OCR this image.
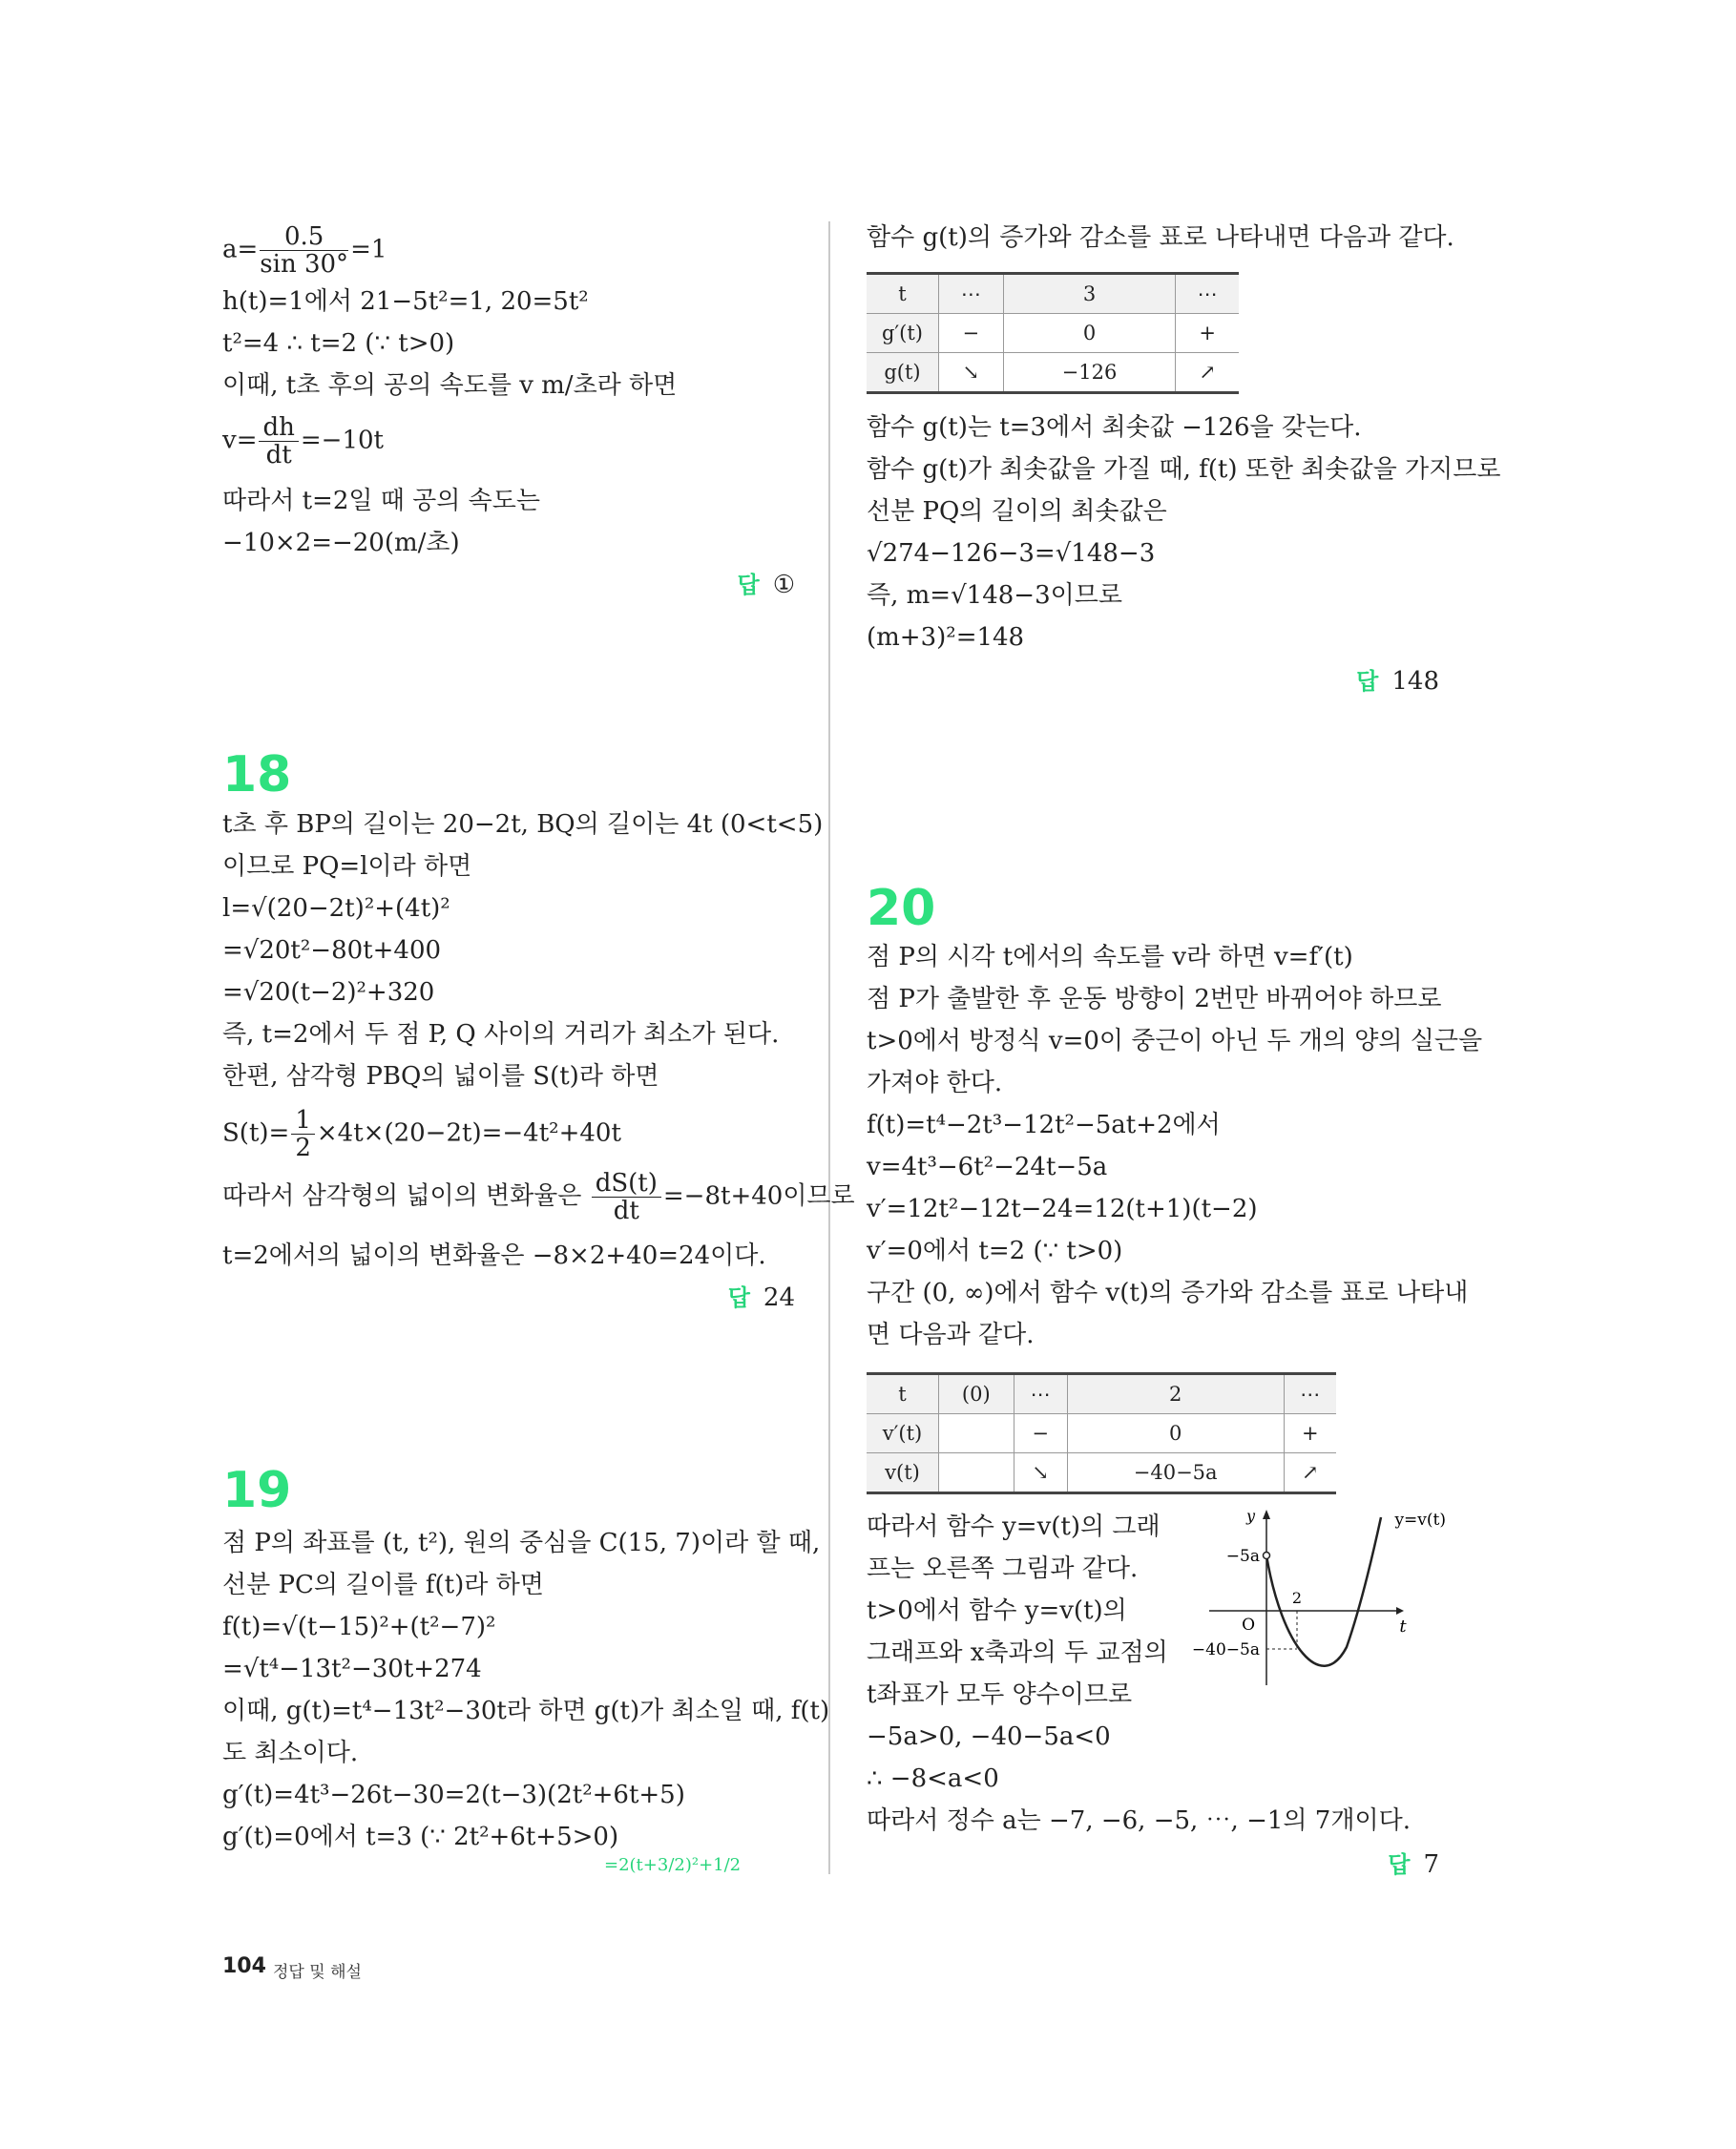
$a= \frac{0.5}{\sin 30^\circ} =1$
h(t)=1에서 21−5t²=1, 20=5t²
t²=4 ∴ t=2 (∵ t>0)
이때, t초 후의 공의 속도를 v m/초라 하면
$v= \frac{dh}{dt} =-10t$
따라서 t=2일 때 공의 속도는
−10×2=−20(m/초)
답 ①
18
t초 후 BP의 길이는 20−2t, BQ의 길이는 4t (0<t<5)
이므로 PQ=l이라 하면
l=√(20−2t)²+(4t)²
=√20t²−80t+400
=√20(t−2)²+320
즉, t=2에서 두 점 P, Q 사이의 거리가 최소가 된다.
한편, 삼각형 PBQ의 넓이를 S(t)라 하면
$S(t)= \frac{1}{2} \times 4t\times(20-2t)=-4t^2+40t$
따라서 삼각형의 넓이의 변화율은 $\frac{dS(t)}{dt} =-8t+40$이므로
t=2에서의 넓이의 변화율은 −8×2+40=24이다.
답 24
19
점 P의 좌표를 (t, t²), 원의 중심을 C(15, 7)이라 할 때,
선분 PC의 길이를 f(t)라 하면
f(t)=√(t−15)²+(t²−7)²
=√t⁴−13t²−30t+274
이때, g(t)=t⁴−13t²−30t라 하면 g(t)가 최소일 때, f(t)
도 최소이다.
g′(t)=4t³−26t−30=2(t−3)(2t²+6t+5)
g′(t)=0에서 t=3 (∵ 2t²+6t+5>0)
=2(t+3/2)²+1/2
함수 g(t)의 증가와 감소를 표로 나타내면 다음과 같다.
t	⋯	3	⋯
g′(t)	−	0	+
g(t)	↘	−126	↗
함수 g(t)는 t=3에서 최솟값 −126을 갖는다.
함수 g(t)가 최솟값을 가질 때, f(t) 또한 최솟값을 가지므로
선분 PQ의 길이의 최솟값은
√274−126−3=√148−3
즉, m=√148−3이므로
(m+3)²=148
답 148
20
점 P의 시각 t에서의 속도를 v라 하면 v=f′(t)
점 P가 출발한 후 운동 방향이 2번만 바뀌어야 하므로
t>0에서 방정식 v=0이 중근이 아닌 두 개의 양의 실근을
가져야 한다.
f(t)=t⁴−2t³−12t²−5at+2에서
v=4t³−6t²−24t−5a
v′=12t²−12t−24=12(t+1)(t−2)
v′=0에서 t=2 (∵ t>0)
구간 (0, ∞)에서 함수 v(t)의 증가와 감소를 표로 나타내
면 다음과 같다.
t	(0)	⋯	2	⋯
v′(t)		−	0	+
v(t)		↘	−40−5a	↗
따라서 함수 y=v(t)의 그래
프는 오른쪽 그림과 같다.
t>0에서 함수 y=v(t)의
그래프와 x축과의 두 교점의
t좌표가 모두 양수이므로
−5a>0, −40−5a<0
∴ −8<a<0
따라서 정수 a는 −7, −6, −5, ⋯, −1의 7개이다.
답 7
y
t
O
y=v(t)
−5a
−40−5a
2
104 정답 및 해설
